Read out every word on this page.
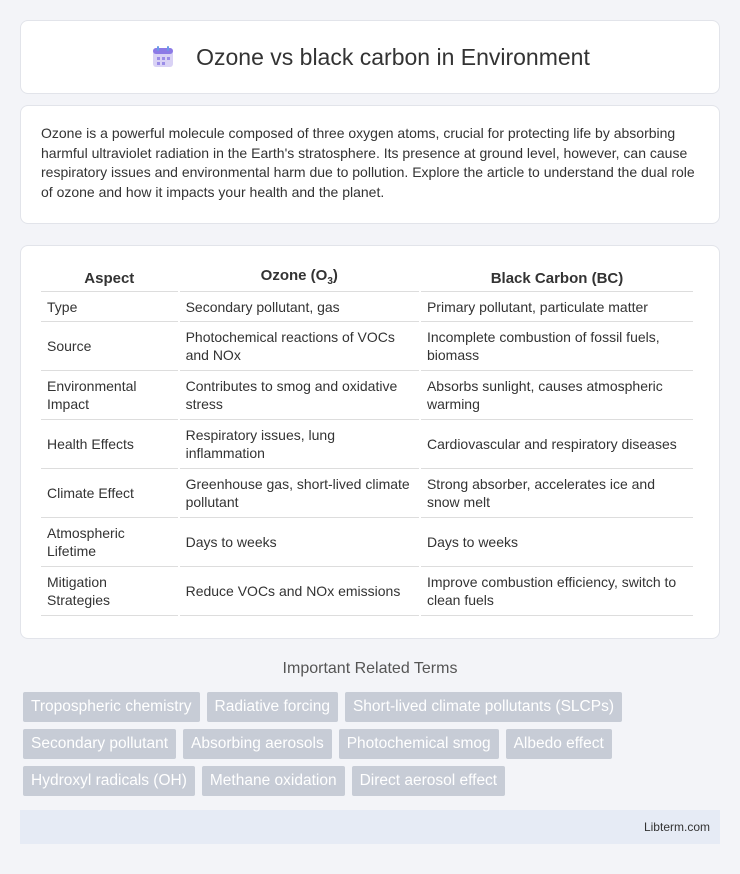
Ozone vs black carbon in Environment

Ozone is a powerful molecule composed of three oxygen atoms, crucial for protecting life by absorbing harmful ultraviolet radiation in the Earth's stratosphere. Its presence at ground level, however, can cause respiratory issues and environmental harm due to pollution. Explore the article to understand the dual role of ozone and how it impacts your health and the planet.

Aspect	Ozone $(O_3)$	Black Carbon (BC)
Type	Secondary pollutant, gas	Primary pollutant, particulate matter
Source	Photochemical reactions of VOCs and NOx	Incomplete combustion of fossil fuels, biomass
Environmental Impact	Contributes to smog and oxidative stress	Absorbs sunlight, causes atmospheric warming
Health Effects	Respiratory issues, lung inflammation	Cardiovascular and respiratory diseases
Climate Effect	Greenhouse gas, short-lived climate pollutant	Strong absorber, accelerates ice and snow melt
Atmospheric Lifetime	Days to weeks	Days to weeks
Mitigation Strategies	Reduce VOCs and NOx emissions	Improve combustion efficiency, switch to clean fuels
Important Related Terms
Tropospheric chemistry	Radiative forcing	Short-lived climate pollutants (SLCPs)
Secondary pollutant	Absorbing aerosols	Photochemical smog	Albedo effect
Hydroxyl radicals (OH)	Methane oxidation	Direct aerosol effect
Libterm.com
